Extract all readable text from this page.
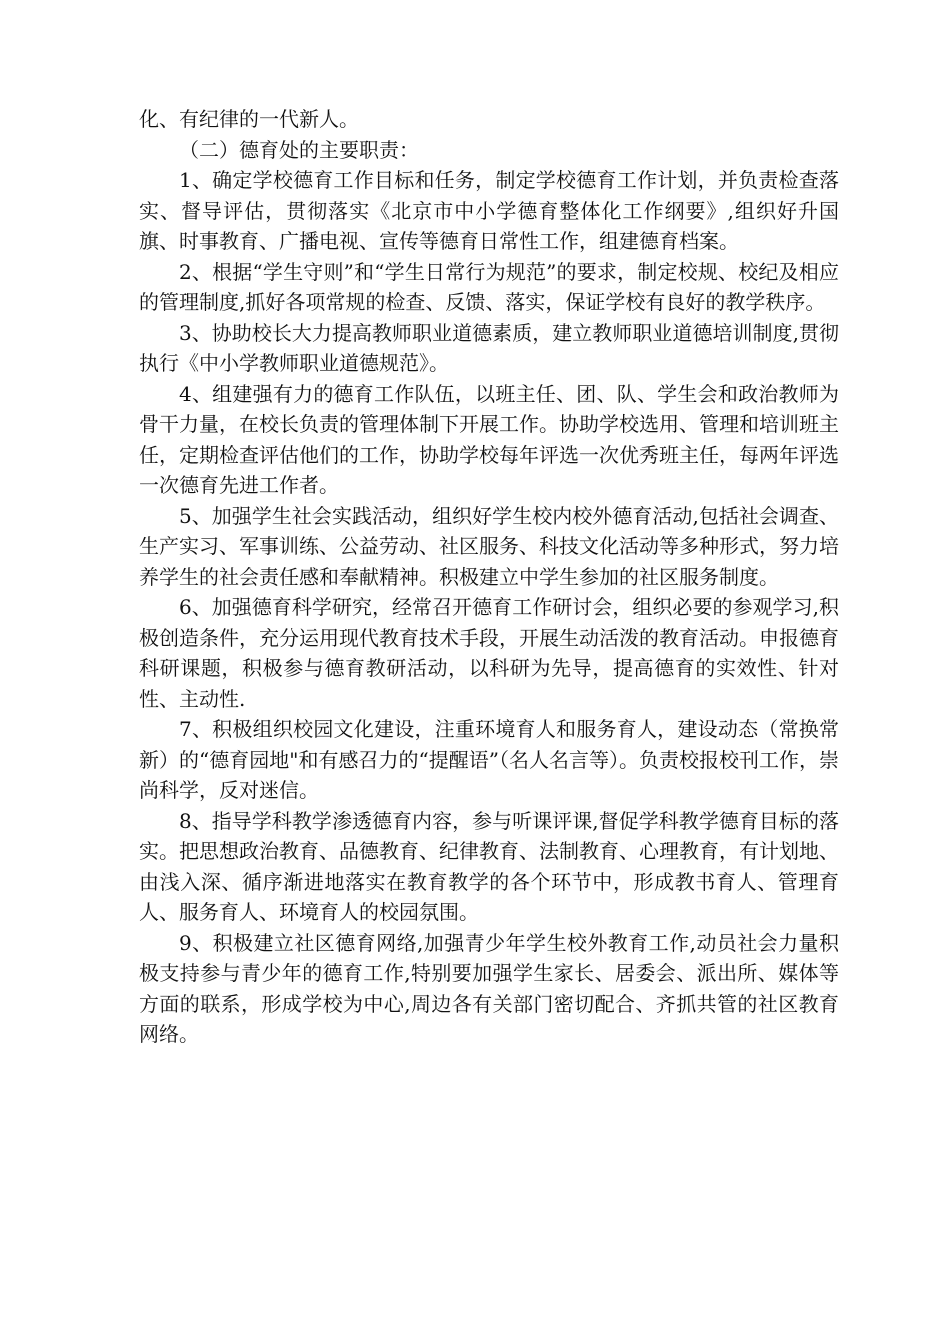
化、有纪律的一代新人。

（二）德育处的主要职责：

1、确定学校德育工作目标和任务，制定学校德育工作计划，并负责检查落实、督导评估，贯彻落实《北京市中小学德育整体化工作纲要》,组织好升国旗、时事教育、广播电视、宣传等德育日常性工作，组建德育档案。

2、根据“学生守则”和“学生日常行为规范”的要求，制定校规、校纪及相应的管理制度,抓好各项常规的检查、反馈、落实，保证学校有良好的教学秩序。

3、协助校长大力提高教师职业道德素质，建立教师职业道德培训制度,贯彻执行《中小学教师职业道德规范》。

4、组建强有力的德育工作队伍，以班主任、团、队、学生会和政治教师为骨干力量，在校长负责的管理体制下开展工作。协助学校选用、管理和培训班主任，定期检查评估他们的工作，协助学校每年评选一次优秀班主任，每两年评选一次德育先进工作者。

5、加强学生社会实践活动，组织好学生校内校外德育活动,包括社会调查、生产实习、军事训练、公益劳动、社区服务、科技文化活动等多种形式，努力培养学生的社会责任感和奉献精神。积极建立中学生参加的社区服务制度。

6、加强德育科学研究，经常召开德育工作研讨会，组织必要的参观学习,积极创造条件，充分运用现代教育技术手段，开展生动活泼的教育活动。申报德育科研课题，积极参与德育教研活动，以科研为先导，提高德育的实效性、针对性、主动性.

7、积极组织校园文化建设，注重环境育人和服务育人，建设动态（常换常新）的“德育园地"和有感召力的“提醒语”（名人名言等）。负责校报校刊工作，崇尚科学，反对迷信。

8、指导学科教学渗透德育内容，参与听课评课,督促学科教学德育目标的落实。把思想政治教育、品德教育、纪律教育、法制教育、心理教育，有计划地、由浅入深、循序渐进地落实在教育教学的各个环节中，形成教书育人、管理育人、服务育人、环境育人的校园氛围。

9、积极建立社区德育网络,加强青少年学生校外教育工作,动员社会力量积极支持参与青少年的德育工作,特别要加强学生家长、居委会、派出所、媒体等方面的联系，形成学校为中心,周边各有关部门密切配合、齐抓共管的社区教育网络。
